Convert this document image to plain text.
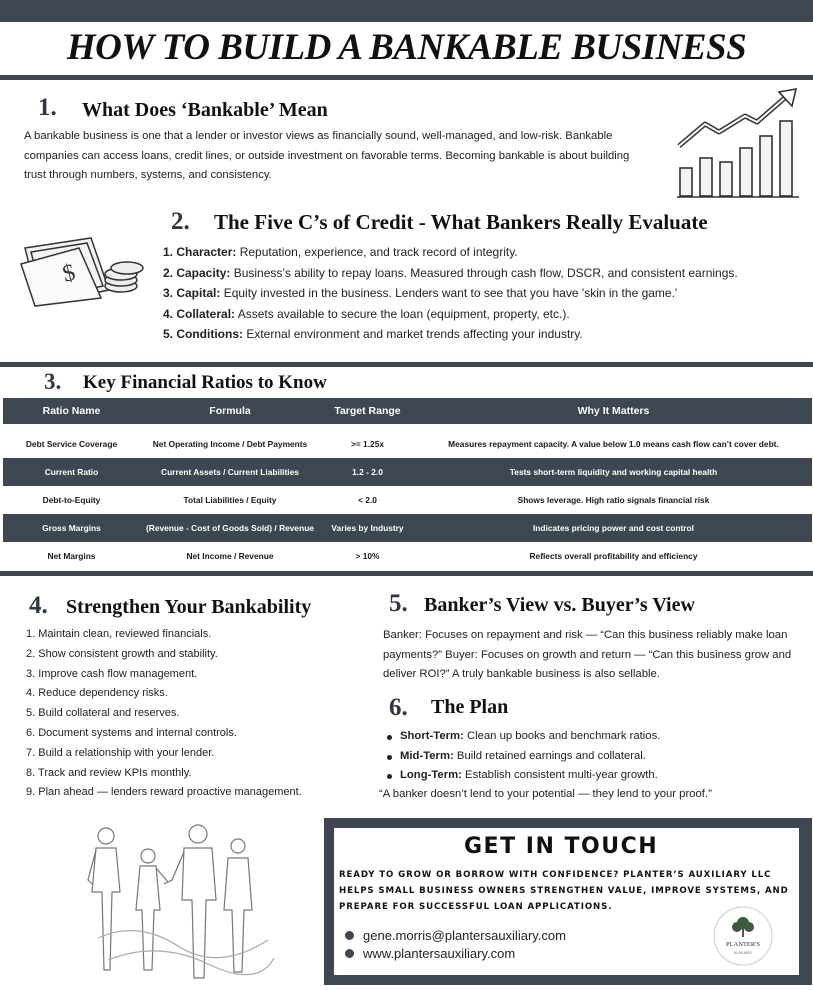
HOW TO BUILD A BANKABLE BUSINESS
1. What Does ‘Bankable’ Mean
A bankable business is one that a lender or investor views as financially sound, well-managed, and low-risk. Bankable companies can access loans, credit lines, or outside investment on favorable terms. Becoming bankable is about building trust through numbers, systems, and consistency.
$
2. The Five C’s of Credit - What Bankers Really Evaluate
1. Character: Reputation, experience, and track record of integrity.
2. Capacity: Business’s ability to repay loans. Measured through cash flow, DSCR, and consistent earnings.
3. Capital: Equity invested in the business. Lenders want to see that you have 'skin in the game.'
4. Collateral: Assets available to secure the loan (equipment, property, etc.).
5. Conditions: External environment and market trends affecting your industry.
3. Key Financial Ratios to Know
Ratio Name	Formula	Target Range	Why It Matters
Debt Service Coverage	Net Operating Income / Debt Payments	>= 1.25x	Measures repayment capacity. A value below 1.0 means cash flow can’t cover debt.
Current Ratio	Current Assets / Current Liabilities	1.2 - 2.0	Tests short-term liquidity and working capital health
Debt-to-Equity	Total Liabilities / Equity	< 2.0	Shows leverage. High ratio signals financial risk
Gross Margins	(Revenue - Cost of Goods Sold) / Revenue	Varies by Industry	Indicates pricing power and cost control
Net Margins	Net Income / Revenue	> 10%	Reflects overall profitability and efficiency
4. Strengthen Your Bankability
1. Maintain clean, reviewed financials.
2. Show consistent growth and stability.
3. Improve cash flow management.
4. Reduce dependency risks.
5. Build collateral and reserves.
6. Document systems and internal controls.
7. Build a relationship with your lender.
8. Track and review KPIs monthly.
9. Plan ahead — lenders reward proactive management.
5. Banker’s View vs. Buyer’s View
Banker: Focuses on repayment and risk — “Can this business reliably make loan payments?” Buyer: Focuses on growth and return — “Can this business grow and deliver ROI?” A truly bankable business is also sellable.
6. The Plan
Short-Term: Clean up books and benchmark ratios.
Mid-Term: Build retained earnings and collateral.
Long-Term: Establish consistent multi-year growth.
“A banker doesn’t lend to your potential — they lend to your proof.”
GET IN TOUCH
READY TO GROW OR BORROW WITH CONFIDENCE? PLANTER’S AUXILIARY LLC HELPS SMALL BUSINESS OWNERS STRENGTHEN VALUE, IMPROVE SYSTEMS, AND PREPARE FOR SUCCESSFUL LOAN APPLICATIONS.
gene.morris@plantersauxiliary.com
www.plantersauxiliary.com
PLANTER'S
AUXILIARY
